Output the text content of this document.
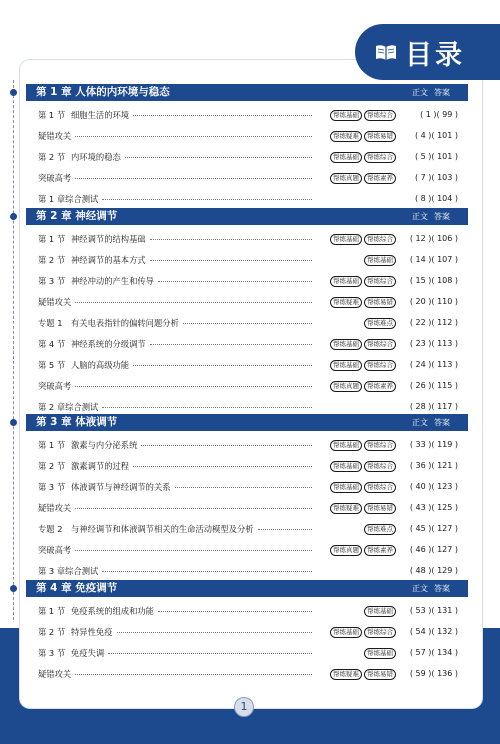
目录
第 1 章 人体的内环境与稳态	正文 答案
第 1 节 细胞生活的环境	帮练基础	帮练综合	( 1 )( 99 )
疑错攻关	帮练疑难	帮练易错	( 4 )( 101 )
第 2 节 内环境的稳态	帮练基础	帮练综合	( 5 )( 101 )
突破高考	帮练真题	帮练素养	( 7 )( 103 )
第 1 章综合测试	( 8 )( 104 )
第 2 章 神经调节	正文 答案
第 1 节 神经调节的结构基础	帮练基础	帮练综合	( 12 )( 106 )
第 2 节 神经调节的基本方式	帮练基础	( 14 )( 107 )
第 3 节 神经冲动的产生和传导	帮练基础	帮练综合	( 15 )( 108 )
疑错攻关	帮练疑难	帮练易错	( 20 )( 110 )
专题 1	有关电表指针的偏转问题分析	帮练难点	( 22 )( 112 )
第 4 节 神经系统的分级调节	帮练基础	帮练综合	( 23 )( 113 )
第 5 节 人脑的高级功能	帮练基础	帮练综合	( 24 )( 113 )
突破高考	帮练真题	帮练素养	( 26 )( 115 )
第 2 章综合测试	( 28 )( 117 )
第 3 章 体液调节	正文 答案
第 1 节 激素与内分泌系统	帮练基础	帮练综合	( 33 )( 119 )
第 2 节 激素调节的过程	帮练基础	帮练综合	( 36 )( 121 )
第 3 节 体液调节与神经调节的关系	帮练基础	帮练综合	( 40 )( 123 )
疑错攻关	帮练疑难	帮练易错	( 43 )( 125 )
专题 2	与神经调节和体液调节相关的生命活动模型及分析	帮练难点	( 45 )( 127 )
突破高考	帮练真题	帮练素养	( 46 )( 127 )
第 3 章综合测试	( 48 )( 129 )
第 4 章 免疫调节	正文 答案
第 1 节 免疫系统的组成和功能	帮练基础	( 53 )( 131 )
第 2 节 特异性免疫	帮练基础	帮练综合	( 54 )( 132 )
第 3 节 免疫失调	帮练基础	( 57 )( 134 )
疑错攻关	帮练疑难	帮练易错	( 59 )( 136 )
1
